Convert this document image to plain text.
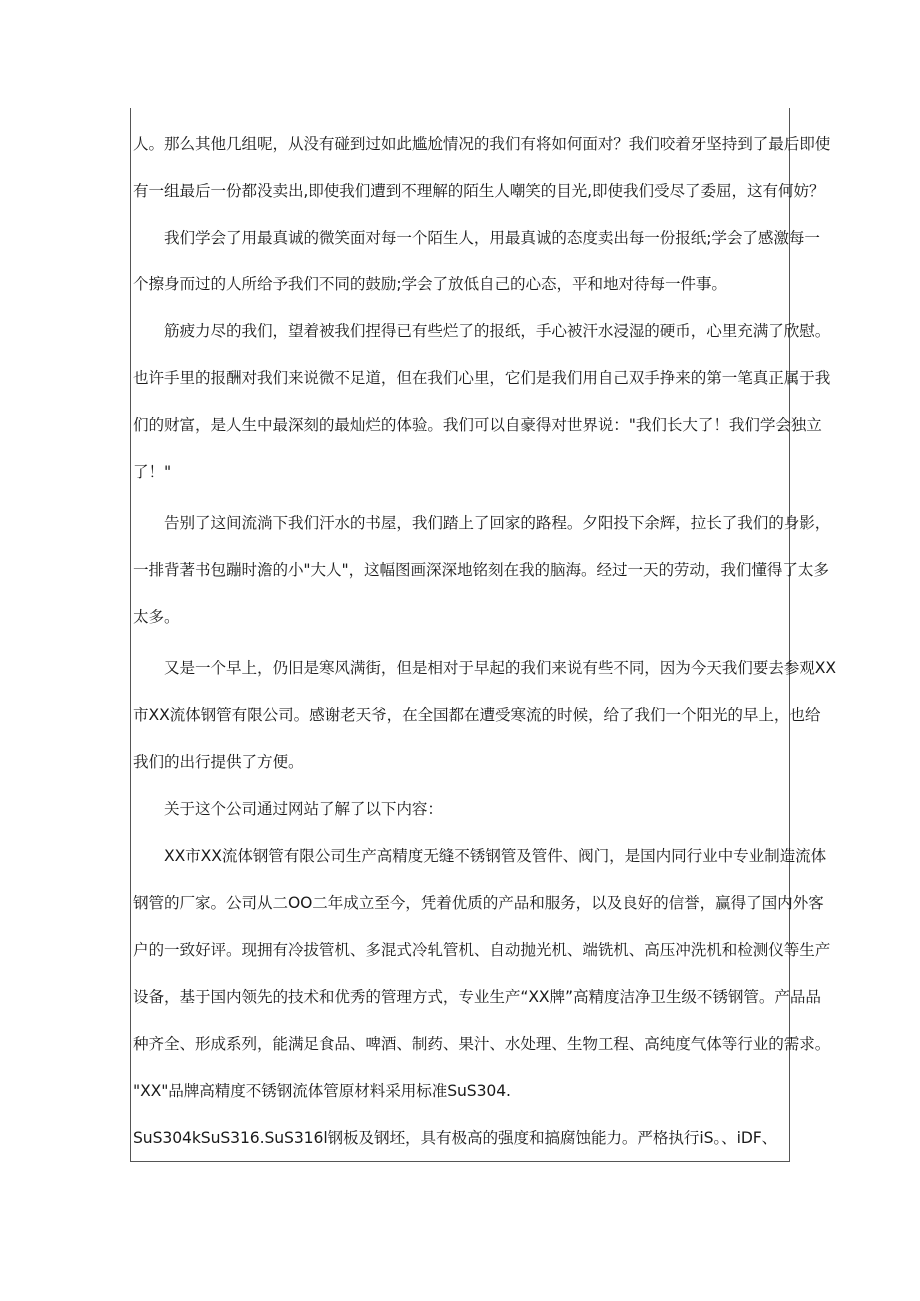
人。那么其他几组呢，从没有碰到过如此尴尬情况的我们有将如何面对？我们咬着牙坚持到了最后即使
有一组最后一份都没卖出,即使我们遭到不理解的陌生人嘲笑的目光,即使我们受尽了委屈，这有何妨？
我们学会了用最真诚的微笑面对每一个陌生人，用最真诚的态度卖出每一份报纸;学会了感激每一
个擦身而过的人所给予我们不同的鼓励;学会了放低自己的心态，平和地对待每一件事。
筋疲力尽的我们，望着被我们捏得已有些烂了的报纸，手心被汗水浸湿的硬币，心里充满了欣慰。
也许手里的报酬对我们来说微不足道，但在我们心里，它们是我们用自己双手挣来的第一笔真正属于我
们的财富，是人生中最深刻的最灿烂的体验。我们可以自豪得对世界说："我们长大了！我们学会独立
了！"
告别了这间流淌下我们汗水的书屋，我们踏上了回家的路程。夕阳投下余辉，拉长了我们的身影，
一排背著书包蹦时澹的小"大人"，这幅图画深深地铭刻在我的脑海。经过一天的劳动，我们懂得了太多
太多。
又是一个早上，仍旧是寒风满街，但是相对于早起的我们来说有些不同，因为今天我们要去参观XX
市XX流体钢管有限公司。感谢老天爷，在全国都在遭受寒流的时候，给了我们一个阳光的早上，也给
我们的出行提供了方便。
关于这个公司通过网站了解了以下内容：
XX市XX流体钢管有限公司生产高精度无缝不锈钢管及管件、阀门，是国内同行业中专业制造流体
钢管的厂家。公司从二OO二年成立至今，凭着优质的产品和服务，以及良好的信誉，赢得了国内外客
户的一致好评。现拥有冷拔管机、多混式冷轧管机、自动抛光机、端铣机、高压冲洗机和检测仪等生产
设备，基于国内领先的技术和优秀的管理方式，专业生产“XX牌”高精度洁净卫生级不锈钢管。产品品
种齐全、形成系列，能满足食品、啤酒、制药、果汁、水处理、生物工程、高纯度气体等行业的需求。
"XX"品牌高精度不锈钢流体管原材料采用标准SuS304.
SuS304kSuS316.SuS316l钢板及钢坯，具有极高的强度和搞腐蚀能力。严格执行iS。、iDF、
